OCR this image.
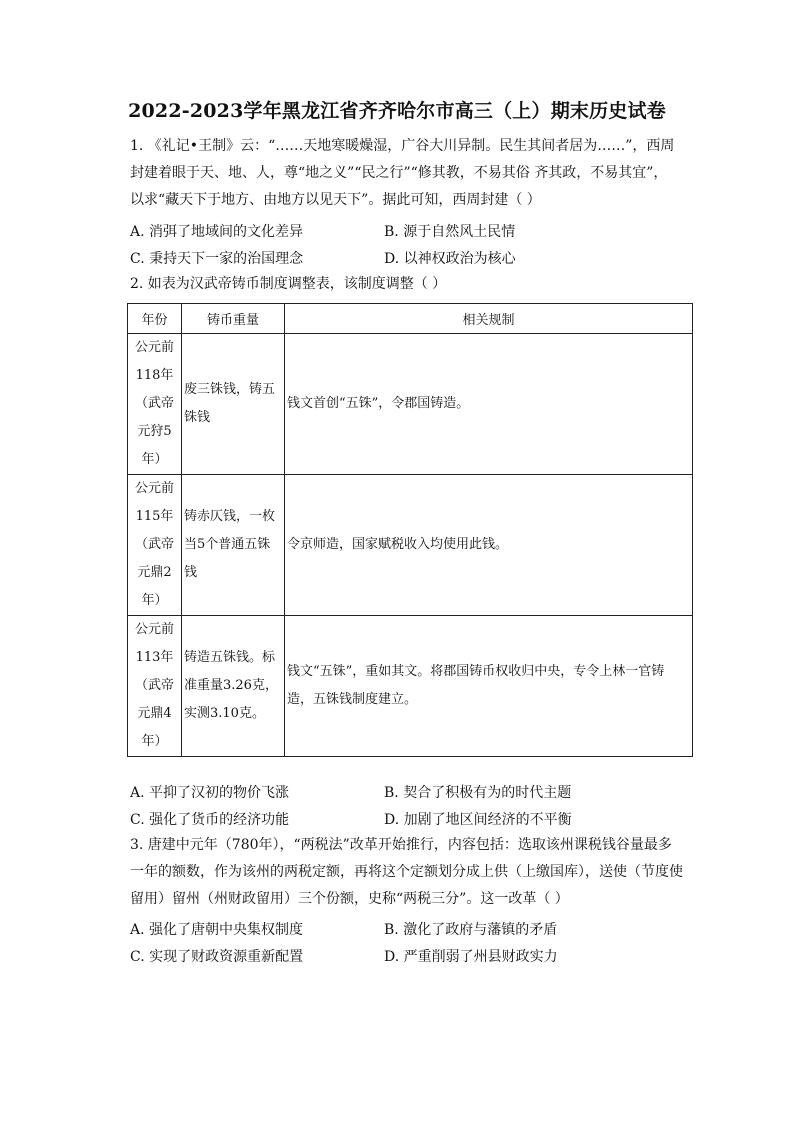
2022-2023学年黑龙江省齐齐哈尔市高三（上）期末历史试卷

1. 《礼记•王制》云：“……天地寒暖燥湿，广谷大川异制。民生其间者居为……”，西周

封建着眼于天、地、人，尊“地之义”“民之行”“修其教，不易其俗 齐其政，不易其宜”，

以求“藏天下于地方、由地方以见天下”。据此可知，西周封建（ ）

A. 消弭了地域间的文化差异	B. 源于自然风土民情
C. 秉持天下一家的治国理念	D. 以神权政治为核心

2. 如表为汉武帝铸币制度调整表，该制度调整（ ）

年份	铸币重量	相关规制
公元前118年（武帝元狩5年）	废三铢钱，铸五铢钱	钱文首创“五铢”，令郡国铸造。
公元前115年（武帝元鼎2年）	铸赤仄钱，一枚当5个普通五铢钱	令京师造，国家赋税收入均使用此钱。
公元前113年（武帝元鼎4年）	铸造五铢钱。标准重量3.26克，实测3.10克。	钱文“五铢”，重如其文。将郡国铸币权收归中央，专令上林一官铸造，五铢钱制度建立。
A. 平抑了汉初的物价飞涨	B. 契合了积极有为的时代主题
C. 强化了货币的经济功能	D. 加剧了地区间经济的不平衡

3. 唐建中元年（780年），“两税法”改革开始推行，内容包括：选取该州课税钱谷量最多

一年的额数，作为该州的两税定额，再将这个定额划分成上供（上缴国库），送使（节度使

留用）留州（州财政留用）三个份额，史称“两税三分”。这一改革（ ）

A. 强化了唐朝中央集权制度	B. 激化了政府与藩镇的矛盾
C. 实现了财政资源重新配置	D. 严重削弱了州县财政实力
